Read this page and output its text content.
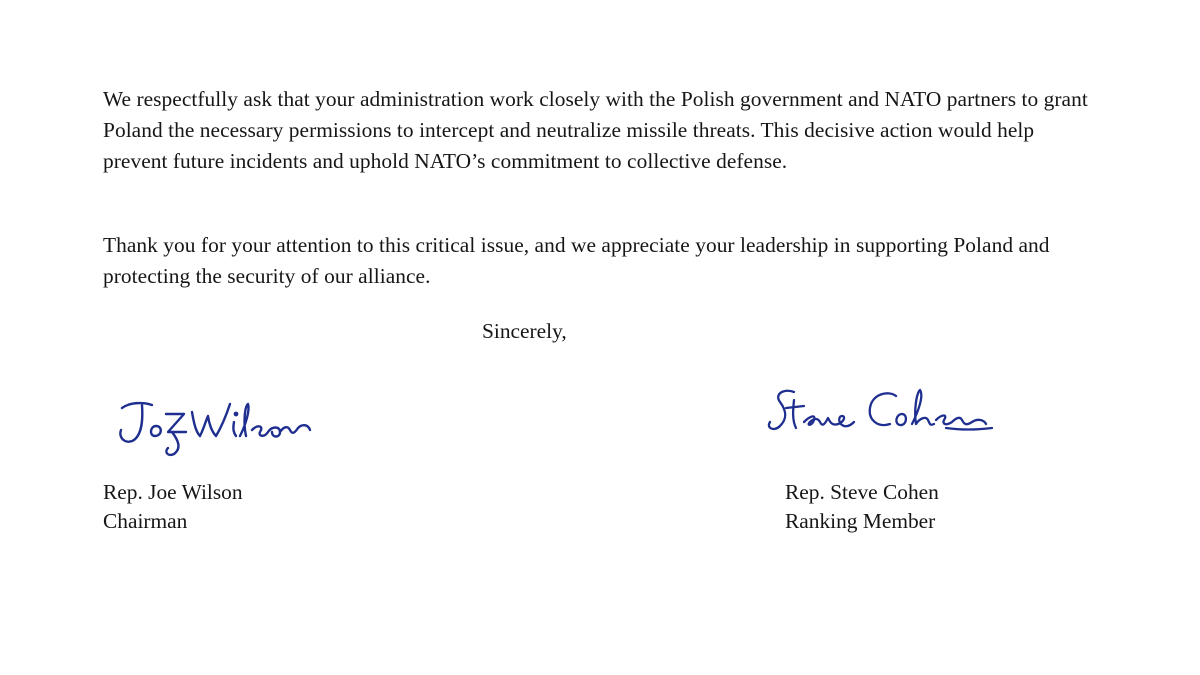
We respectfully ask that your administration work closely with the Polish government and NATO partners to grant Poland the necessary permissions to intercept and neutralize missile threats. This decisive action would help prevent future incidents and uphold NATO’s commitment to collective defense.

Thank you for your attention to this critical issue, and we appreciate your leadership in supporting Poland and protecting the security of our alliance.

Sincerely,
Rep. Joe Wilson
Chairman
Rep. Steve Cohen
Ranking Member
